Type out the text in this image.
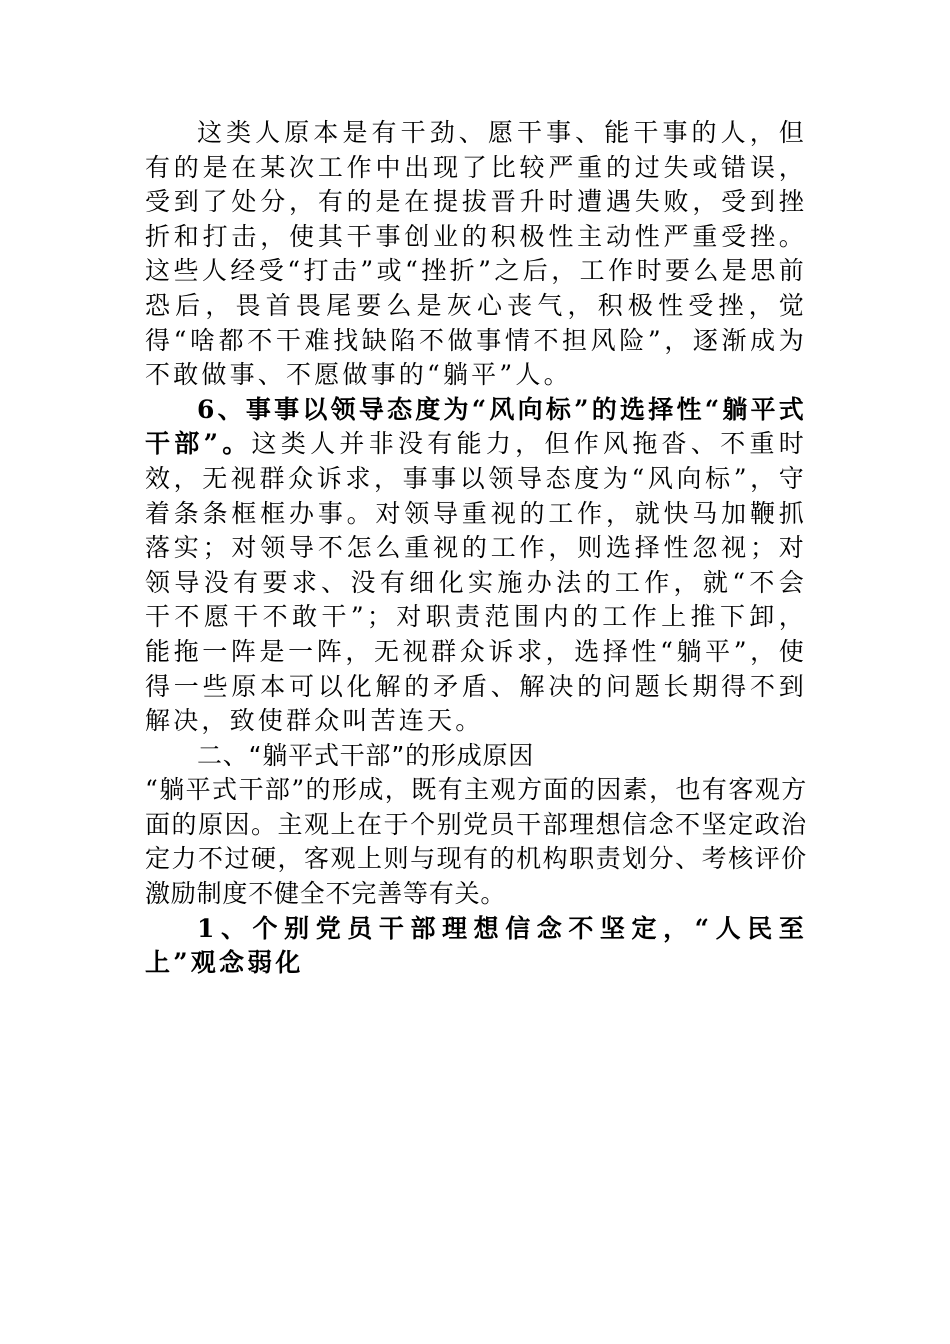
这类人原本是有干劲、愿干事、能干事的人，但有的是在某次工作中出现了比较严重的过失或错误，受到了处分，有的是在提拔晋升时遭遇失败，受到挫折和打击，使其干事创业的积极性主动性严重受挫。这些人经受“打击”或“挫折”之后，工作时要么是思前恐后，畏首畏尾要么是灰心丧气，积极性受挫，觉得“啥都不干难找缺陷不做事情不担风险”，逐渐成为不敢做事、不愿做事的“躺平”人。

6、事事以领导态度为“风向标”的选择性“躺平式干部”。这类人并非没有能力，但作风拖沓、不重时效，无视群众诉求，事事以领导态度为“风向标”，守着条条框框办事。对领导重视的工作，就快马加鞭抓落实；对领导不怎么重视的工作，则选择性忽视；对领导没有要求、没有细化实施办法的工作，就“不会干不愿干不敢干”；对职责范围内的工作上推下卸，能拖一阵是一阵，无视群众诉求，选择性“躺平”，使得一些原本可以化解的矛盾、解决的问题长期得不到解决，致使群众叫苦连天。

二、“躺平式干部”的形成原因

“躺平式干部”的形成，既有主观方面的因素，也有客观方面的原因。主观上在于个别党员干部理想信念不坚定政治定力不过硬，客观上则与现有的机构职责划分、考核评价激励制度不健全不完善等有关。

1、个别党员干部理想信念不坚定，“人民至上”观念弱化
